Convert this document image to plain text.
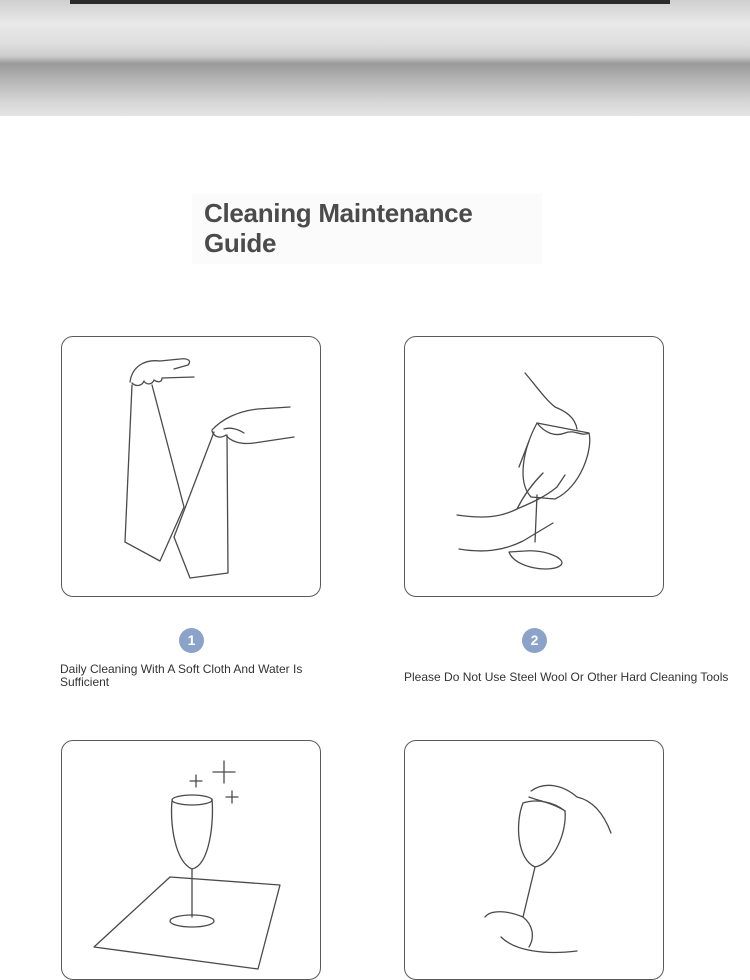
Cleaning Maintenance Guide
1	2
Daily Cleaning With A Soft Cloth And Water Is Sufficient	Please Do Not Use Steel Wool Or Other Hard Cleaning Tools
